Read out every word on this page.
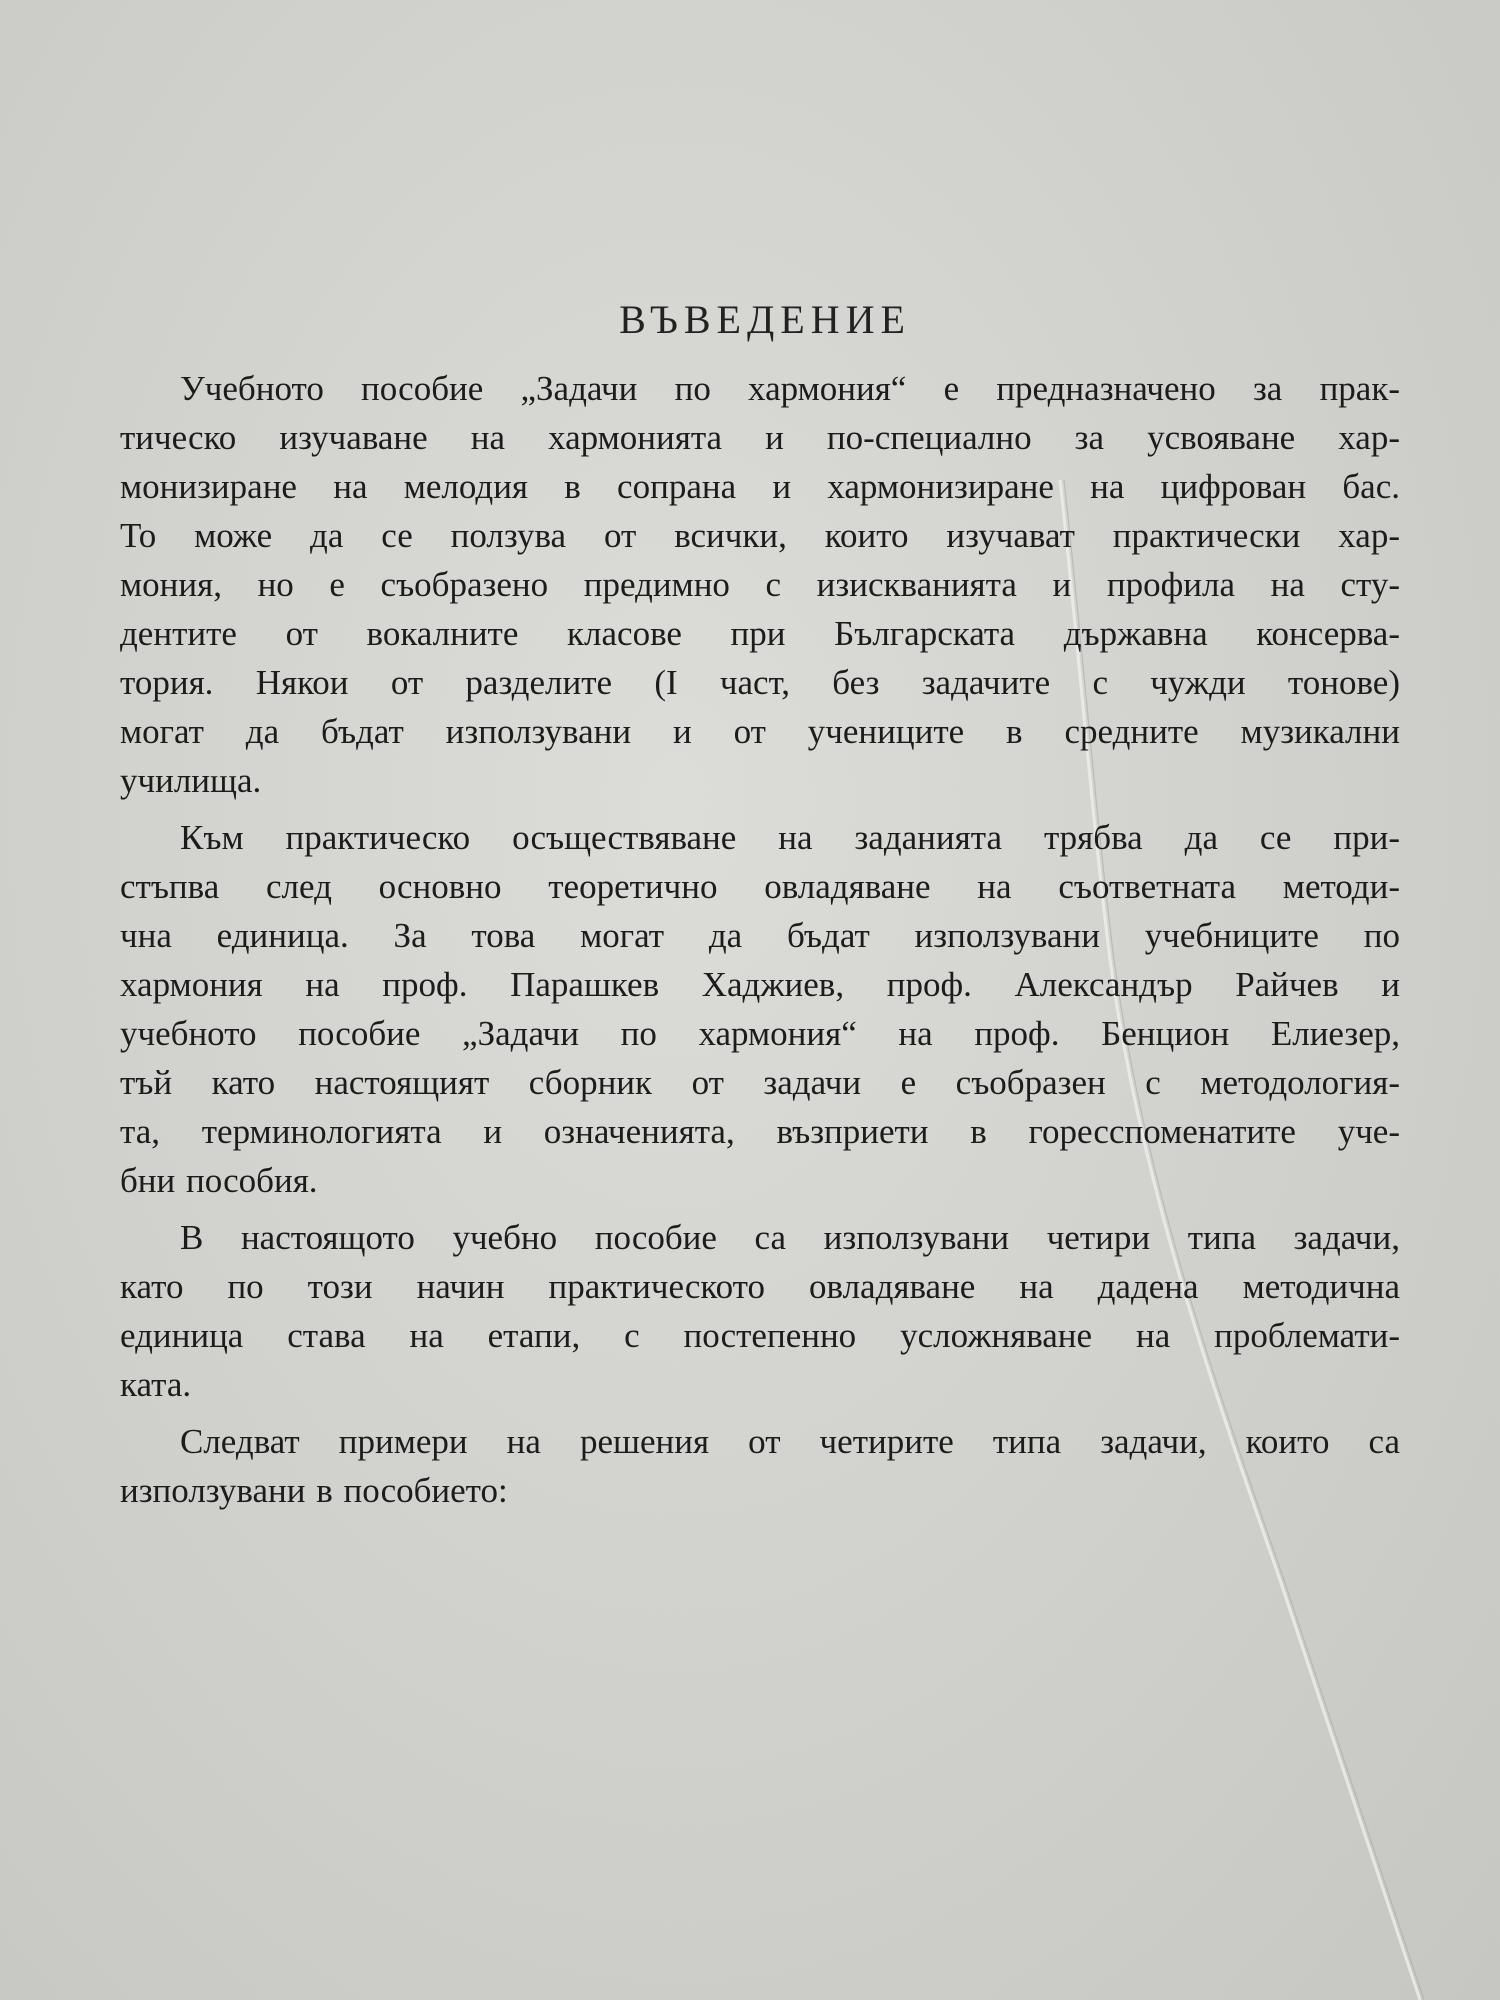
ВЪВЕДЕНИЕ
Учебното пособие „Задачи по хармония“ е предназначено за прак-
тическо изучаване на хармонията и по-специално за усвояване хар-
монизиране на мелодия в сопрана и хармонизиране на цифрован бас.
То може да се ползува от всички, които изучават практически хар-
мония, но е съобразено предимно с изискванията и профила на сту-
дентите от вокалните класове при Българската държавна консерва-
тория. Някои от разделите (I част, без задачите с чужди тонове)
могат да бъдат използувани и от учениците в средните музикални
училища.
Към практическо осъществяване на заданията трябва да се при-
стъпва след основно теоретично овладяване на съответната методи-
чна единица. За това могат да бъдат използувани учебниците по
хармония на проф. Парашкев Хаджиев, проф. Александър Райчев и
учебното пособие „Задачи по хармония“ на проф. Бенцион Елиезер,
тъй като настоящият сборник от задачи е съобразен с методология-
та, терминологията и означенията, възприети в горесспоменатите уче-
бни пособия.
В настоящото учебно пособие са използувани четири типа задачи,
като по този начин практическото овладяване на дадена методична
единица става на етапи, с постепенно усложняване на проблемати-
ката.
Следват примери на решения от четирите типа задачи, които са
използувани в пособието:
